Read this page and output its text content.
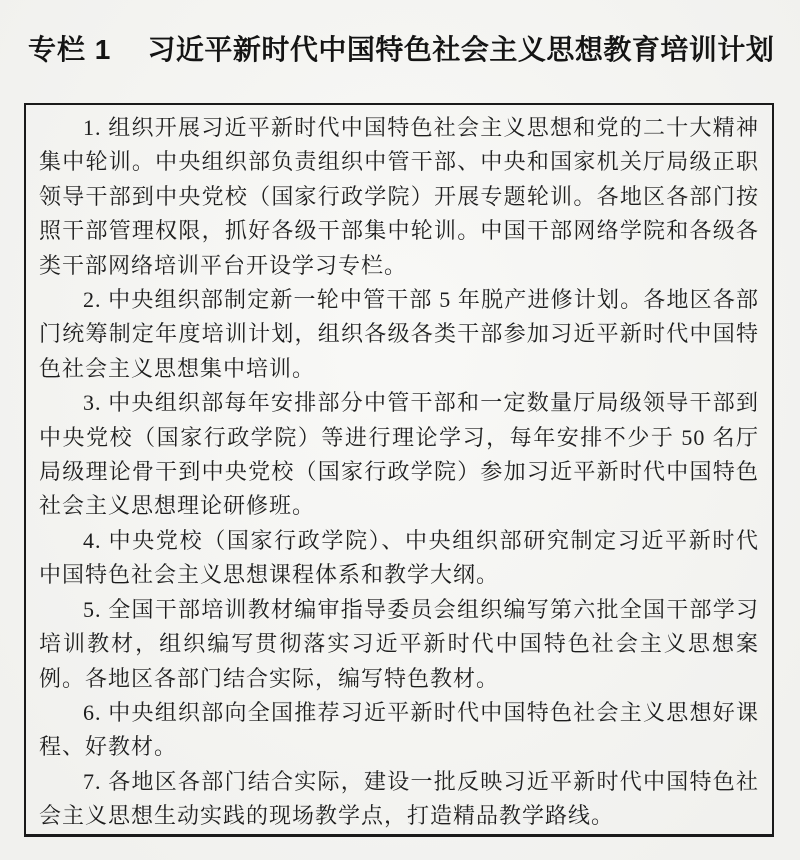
专栏 1 习近平新时代中国特色社会主义思想教育培训计划

1. 组织开展习近平新时代中国特色社会主义思想和党的二十大精神集中轮训。中央组织部负责组织中管干部、中央和国家机关厅局级正职领导干部到中央党校（国家行政学院）开展专题轮训。各地区各部门按照干部管理权限，抓好各级干部集中轮训。中国干部网络学院和各级各类干部网络培训平台开设学习专栏。

2. 中央组织部制定新一轮中管干部 5 年脱产进修计划。各地区各部门统筹制定年度培训计划，组织各级各类干部参加习近平新时代中国特色社会主义思想集中培训。

3. 中央组织部每年安排部分中管干部和一定数量厅局级领导干部到中央党校（国家行政学院）等进行理论学习，每年安排不少于 50 名厅局级理论骨干到中央党校（国家行政学院）参加习近平新时代中国特色社会主义思想理论研修班。

4. 中央党校（国家行政学院）、中央组织部研究制定习近平新时代中国特色社会主义思想课程体系和教学大纲。

5. 全国干部培训教材编审指导委员会组织编写第六批全国干部学习培训教材，组织编写贯彻落实习近平新时代中国特色社会主义思想案例。各地区各部门结合实际，编写特色教材。

6. 中央组织部向全国推荐习近平新时代中国特色社会主义思想好课程、好教材。

7. 各地区各部门结合实际，建设一批反映习近平新时代中国特色社会主义思想生动实践的现场教学点，打造精品教学路线。
